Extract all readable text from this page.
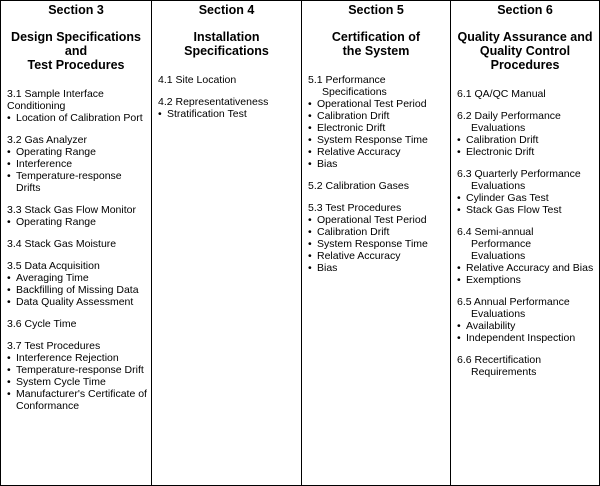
Section 3
Design Specifications
and
Test Procedures
3.1 Sample Interface
Conditioning
• Location of Calibration Port
3.2 Gas Analyzer
• Operating Range
• Interference
• Temperature-response Drifts
3.3 Stack Gas Flow Monitor
• Operating Range
3.4 Stack Gas Moisture
3.5 Data Acquisition
• Averaging Time
• Backfilling of Missing Data
• Data Quality Assessment
3.6 Cycle Time
3.7 Test Procedures
• Interference Rejection
• Temperature-response Drift
• System Cycle Time
• Manufacturer's Certificate of Conformance
Section 4
Installation
Specifications
4.1 Site Location
4.2 Representativeness
• Stratification Test
Section 5
Certification of
the System
5.1 Performance
Specifications
• Operational Test Period
• Calibration Drift
• Electronic Drift
• System Response Time
• Relative Accuracy
• Bias
5.2 Calibration Gases
5.3 Test Procedures
• Operational Test Period
• Calibration Drift
• System Response Time
• Relative Accuracy
• Bias
Section 6
Quality Assurance and
Quality Control
Procedures
6.1 QA/QC Manual
6.2 Daily Performance
Evaluations
• Calibration Drift
• Electronic Drift
6.3 Quarterly Performance
Evaluations
• Cylinder Gas Test
• Stack Gas Flow Test
6.4 Semi-annual
Performance
Evaluations
• Relative Accuracy and Bias
• Exemptions
6.5 Annual Performance
Evaluations
• Availability
• Independent Inspection
6.6 Recertification
Requirements
